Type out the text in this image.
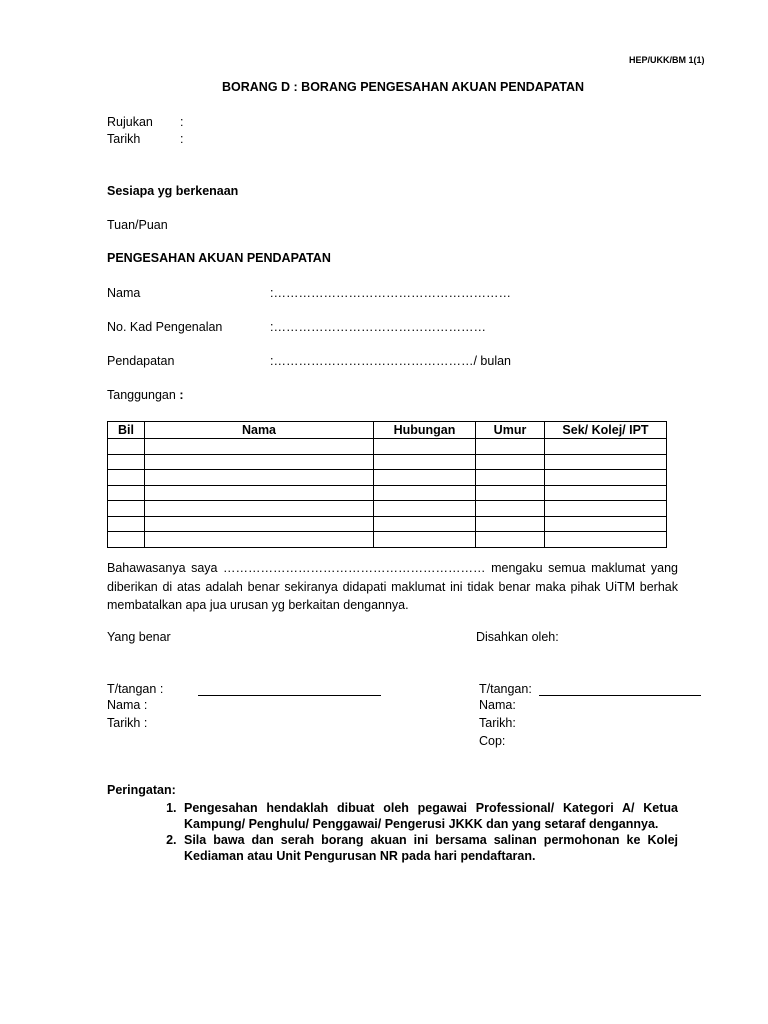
HEP/UKK/BM 1(1)
BORANG D : BORANG PENGESAHAN AKUAN PENDAPATAN
Rujukan :
Tarikh	:
Sesiapa yg berkenaan
Tuan/Puan
PENGESAHAN AKUAN PENDAPATAN
Nama	:…………………………………………………
No. Kad Pengenalan	:……………………………………………
Pendapatan	:…………………………………………/ bulan
Tanggungan :
Bil	Nama	Hubungan	Umur	Sek/ Kolej/ IPT

Bahawasanya saya ……………………………………………………… mengaku semua maklumat yang diberikan di atas adalah benar sekiranya didapati maklumat ini tidak benar maka pihak UiTM berhak membatalkan apa jua urusan yg berkaitan dengannya.
Yang benar
T/tangan :
Nama :
Tarikh :
Disahkan oleh:
T/tangan:
Nama:
Tarikh:
Cop:
Peringatan:
1. Pengesahan hendaklah dibuat oleh pegawai Professional/ Kategori A/ Ketua Kampung/ Penghulu/ Penggawai/ Pengerusi JKKK dan yang setaraf dengannya.
2. Sila bawa dan serah borang akuan ini bersama salinan permohonan ke Kolej Kediaman atau Unit Pengurusan NR pada hari pendaftaran.
